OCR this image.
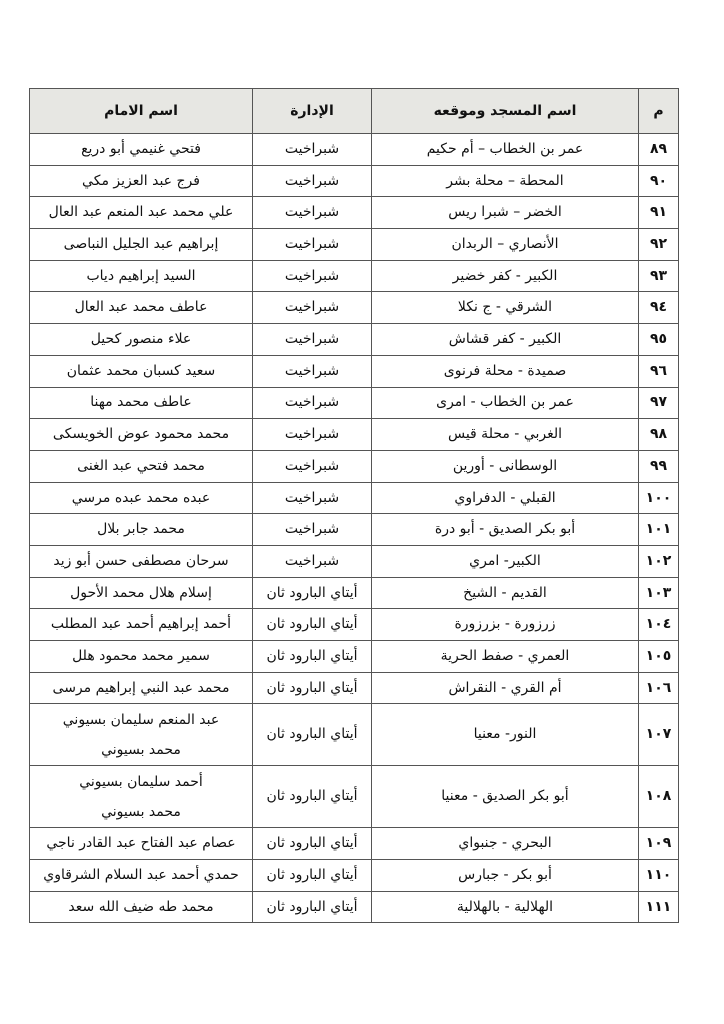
م	اسم المسجد وموقعه	الإدارة	اسم الامام
٨٩	عمر بن الخطاب – أم حكيم	شبراخيت	فتحي غنيمي أبو دريع
٩٠	المحطة – محلة بشر	شبراخيت	فرج عبد العزيز مكي
٩١	الخضر – شبرا ريس	شبراخيت	علي محمد عبد المنعم عبد العال
٩٢	الأنصاري – الربدان	شبراخيت	إبراهيم عبد الجليل النباصى
٩٣	الكبير - كفر خضير	شبراخيت	السيد إبراهيم دياب
٩٤	الشرقي - ج نكلا	شبراخيت	عاطف محمد عبد العال
٩٥	الكبير - كفر قشاش	شبراخيت	علاء منصور كحيل
٩٦	صميدة - محلة فرنوى	شبراخيت	سعيد كسبان محمد عثمان
٩٧	عمر بن الخطاب - امرى	شبراخيت	عاطف محمد مهنا
٩٨	الغربي - محلة قيس	شبراخيت	محمد محمود عوض الخويسكى
٩٩	الوسطانى - أورين	شبراخيت	محمد فتحي عبد الغنى
١٠٠	القبلي - الدفراوي	شبراخيت	عبده محمد عبده مرسي
١٠١	أبو بكر الصديق - أبو درة	شبراخيت	محمد جابر بلال
١٠٢	الكبير- امري	شبراخيت	سرحان مصطفى حسن أبو زيد
١٠٣	القديم - الشيخ	أيتاي البارود ثان	إسلام هلال محمد الأحول
١٠٤	زرزورة - بزرزورة	أيتاي البارود ثان	أحمد إبراهيم أحمد عبد المطلب
١٠٥	العمري - صفط الحرية	أيتاي البارود ثان	سمير محمد محمود هلل
١٠٦	أم القري - النقراش	أيتاي البارود ثان	محمد عبد النبي إبراهيم مرسى
١٠٧	النور- معنيا	أيتاي البارود ثان	عبد المنعم سليمان بسيوني
محمد بسيوني

١٠٨	أبو بكر الصديق - معنيا	أيتاي البارود ثان	أحمد سليمان بسيوني
محمد بسيوني

١٠٩	البحري - جنبواي	أيتاي البارود ثان	عصام عبد الفتاح عبد القادر ناجي
١١٠	أبو بكر - جبارس	أيتاي البارود ثان	حمدي أحمد عبد السلام الشرقاوي
١١١	الهلالية - بالهلالية	أيتاي البارود ثان	محمد طه ضيف الله سعد
